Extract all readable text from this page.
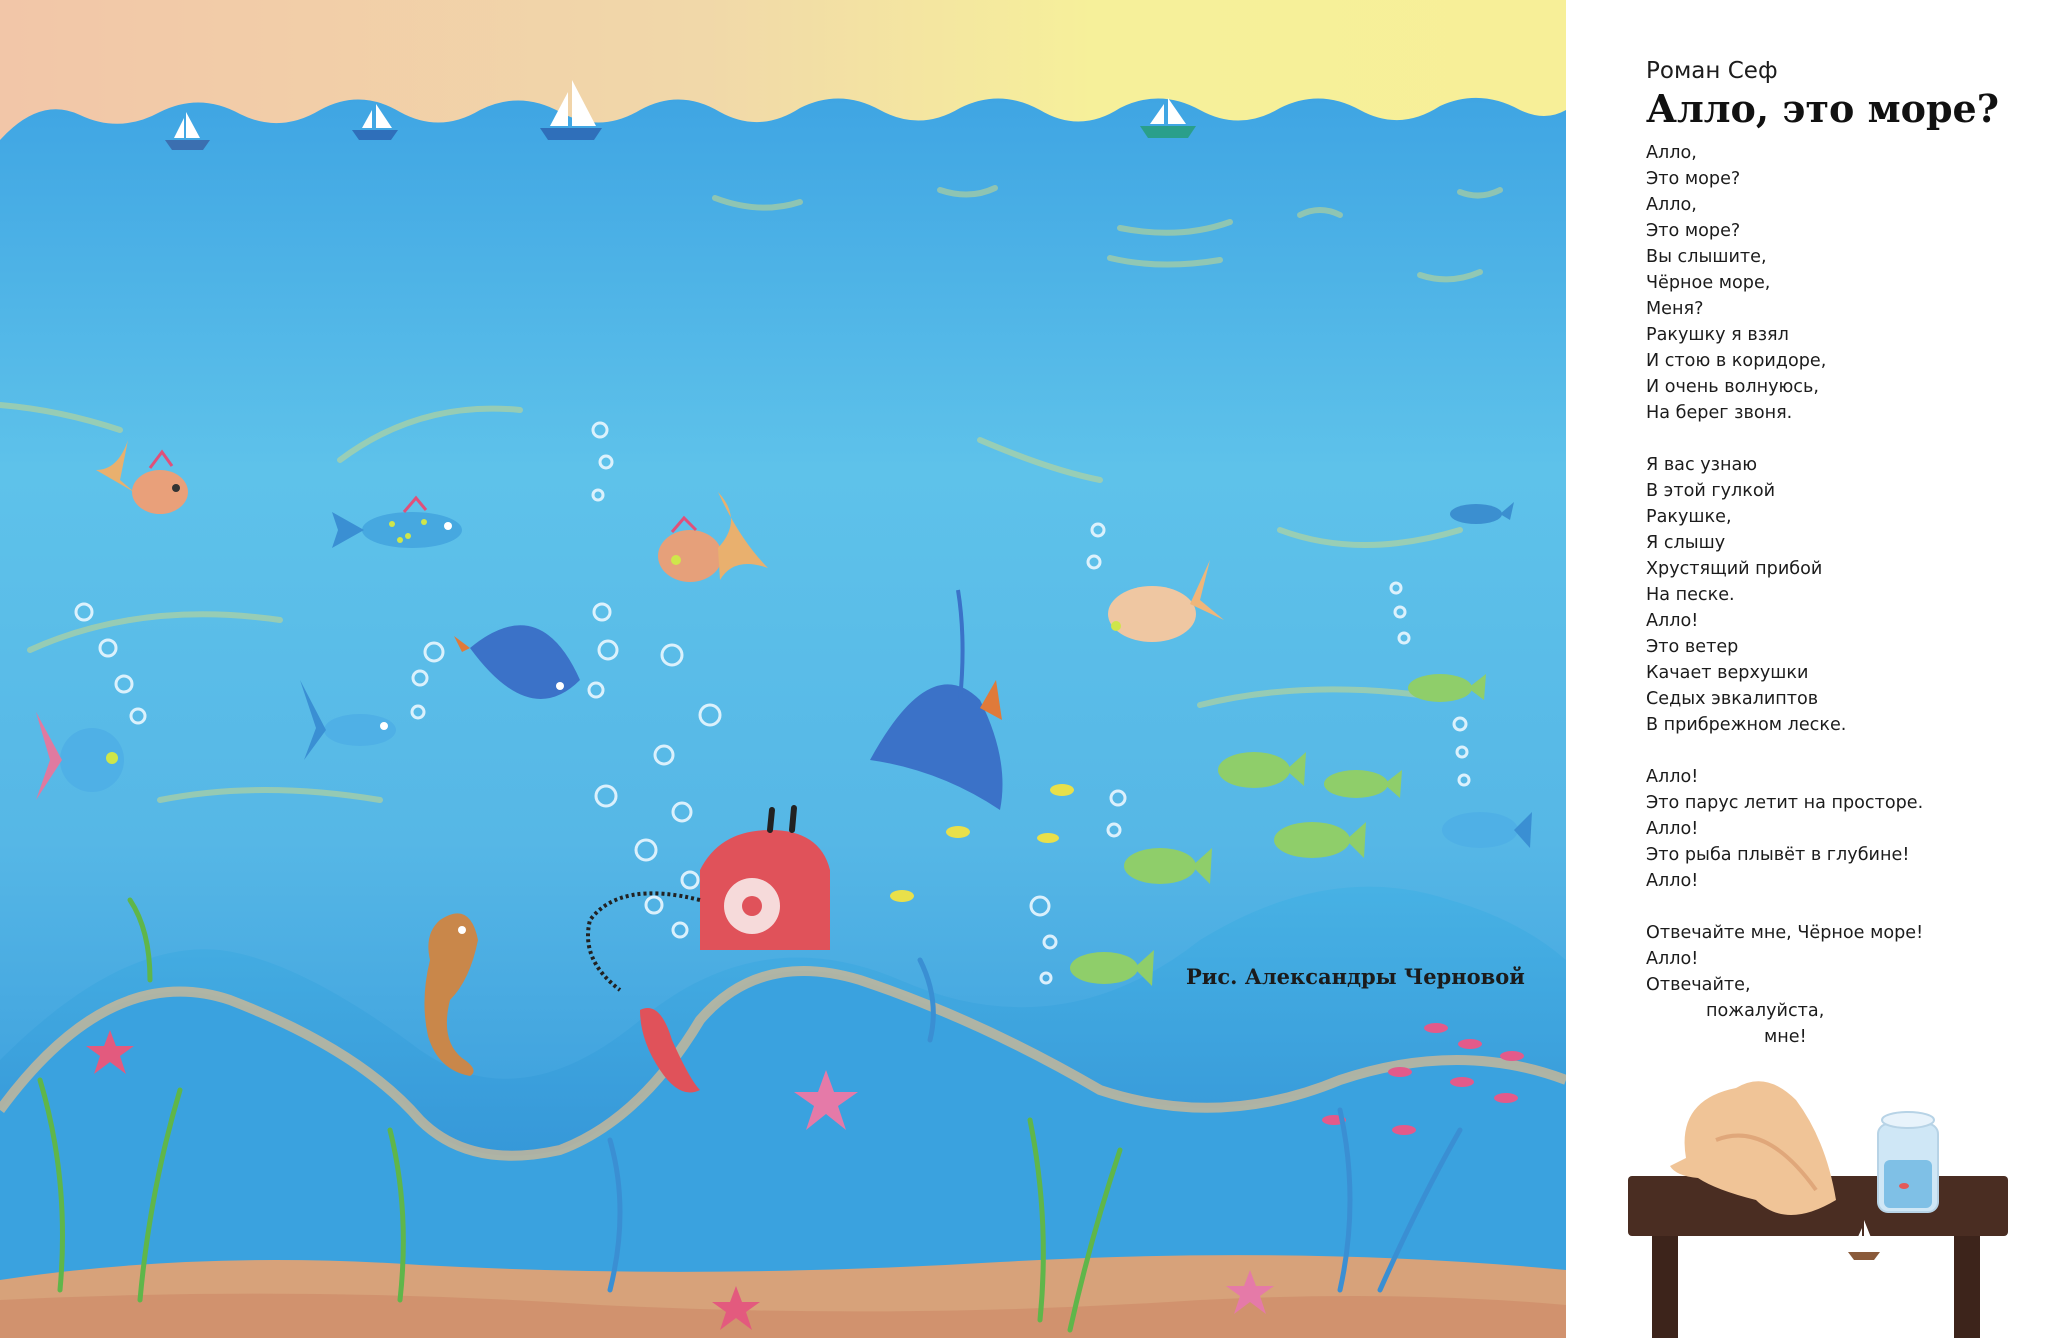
Рис. Александры Черновой
Роман Сеф
Алло, это море?
Алло,
Это море?
Алло,
Это море?
Вы слышите,
Чёрное море,
Меня?
Ракушку я взял
И стою в коридоре,
И очень волнуюсь,
На берег звоня.
Я вас узнаю
В этой гулкой
Ракушке,
Я слышу
Хрустящий прибой
На песке.
Алло!
Это ветер
Качает верхушки
Седых эвкалиптов
В прибрежном леске.
Алло!
Это парус летит на просторе.
Алло!
Это рыба плывёт в глубине!
Алло!
Отвечайте мне, Чёрное море!
Алло!
Отвечайте,
пожалуйста,
мне!
